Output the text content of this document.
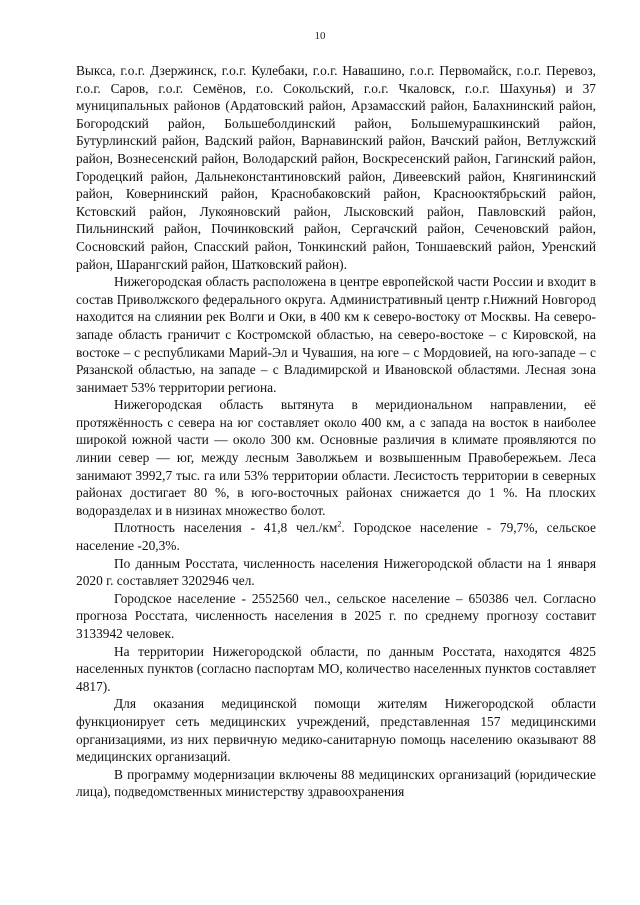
10

Выкса, г.о.г. Дзержинск, г.о.г. Кулебаки, г.о.г. Навашино, г.о.г. Первомайск, г.о.г. Перевоз, г.о.г. Саров, г.о.г. Семёнов, г.о. Сокольский, г.о.г. Чкаловск, г.о.г. Шахунья) и 37 муниципальных районов (Ардатовский район, Арзамасский район, Балахнинский район, Богородский район, Большеболдинский район, Большемурашкинский район, Бутурлинский район, Вадский район, Варнавинский район, Вачский район, Ветлужский район, Вознесенский район, Володарский район, Воскресенский район, Гагинский район, Городецкий район, Дальнеконстантиновский район, Дивеевский район, Княгининский район, Ковернинский район, Краснобаковский район, Краснооктябрьский район, Кстовский район, Лукояновский район, Лысковский район, Павловский район, Пильнинский район, Починковский район, Сергачский район, Сеченовский район, Сосновский район, Спасский район, Тонкинский район, Тоншаевский район, Уренский район, Шарангский район, Шатковский район).

Нижегородская область расположена в центре европейской части России и входит в состав Приволжского федерального округа. Административный центр г.Нижний Новгород находится на слиянии рек Волги и Оки, в 400 км к северо-востоку от Москвы. На северо-западе область граничит с Костромской областью, на северо-востоке – с Кировской, на востоке – с республиками Марий-Эл и Чувашия, на юге – с Мордовией, на юго-западе – с Рязанской областью, на западе – с Владимирской и Ивановской областями. Лесная зона занимает 53% территории региона.

Нижегородская область вытянута в меридиональном направлении, её протяжённость с севера на юг составляет около 400 км, а с запада на восток в наиболее широкой южной части — около 300 км. Основные различия в климате проявляются по линии север — юг, между лесным Заволжьем и возвышенным Правобережьем. Леса занимают 3992,7 тыс. га или 53% территории области. Лесистость территории в северных районах достигает 80 %, в юго-восточных районах снижается до 1 %. На плоских водоразделах и в низинах множество болот.

Плотность населения - 41,8 $чел./км^2$. Городское население - 79,7%, сельское население -20,3%.

По данным Росстата, численность населения Нижегородской области на 1 января 2020 г. составляет 3202946 чел.

Городское население - 2552560 чел., сельское население – 650386 чел. Согласно прогноза Росстата, численность населения в 2025 г. по среднему прогнозу составит 3133942 человек.

На территории Нижегородской области, по данным Росстата, находятся 4825 населенных пунктов (согласно паспортам МО, количество населенных пунктов составляет 4817).

Для оказания медицинской помощи жителям Нижегородской области функционирует сеть медицинских учреждений, представленная 157 медицинскими организациями, из них первичную медико-санитарную помощь населению оказывают 88 медицинских организаций.

В программу модернизации включены 88 медицинских организаций (юридические лица), подведомственных министерству здравоохранения
